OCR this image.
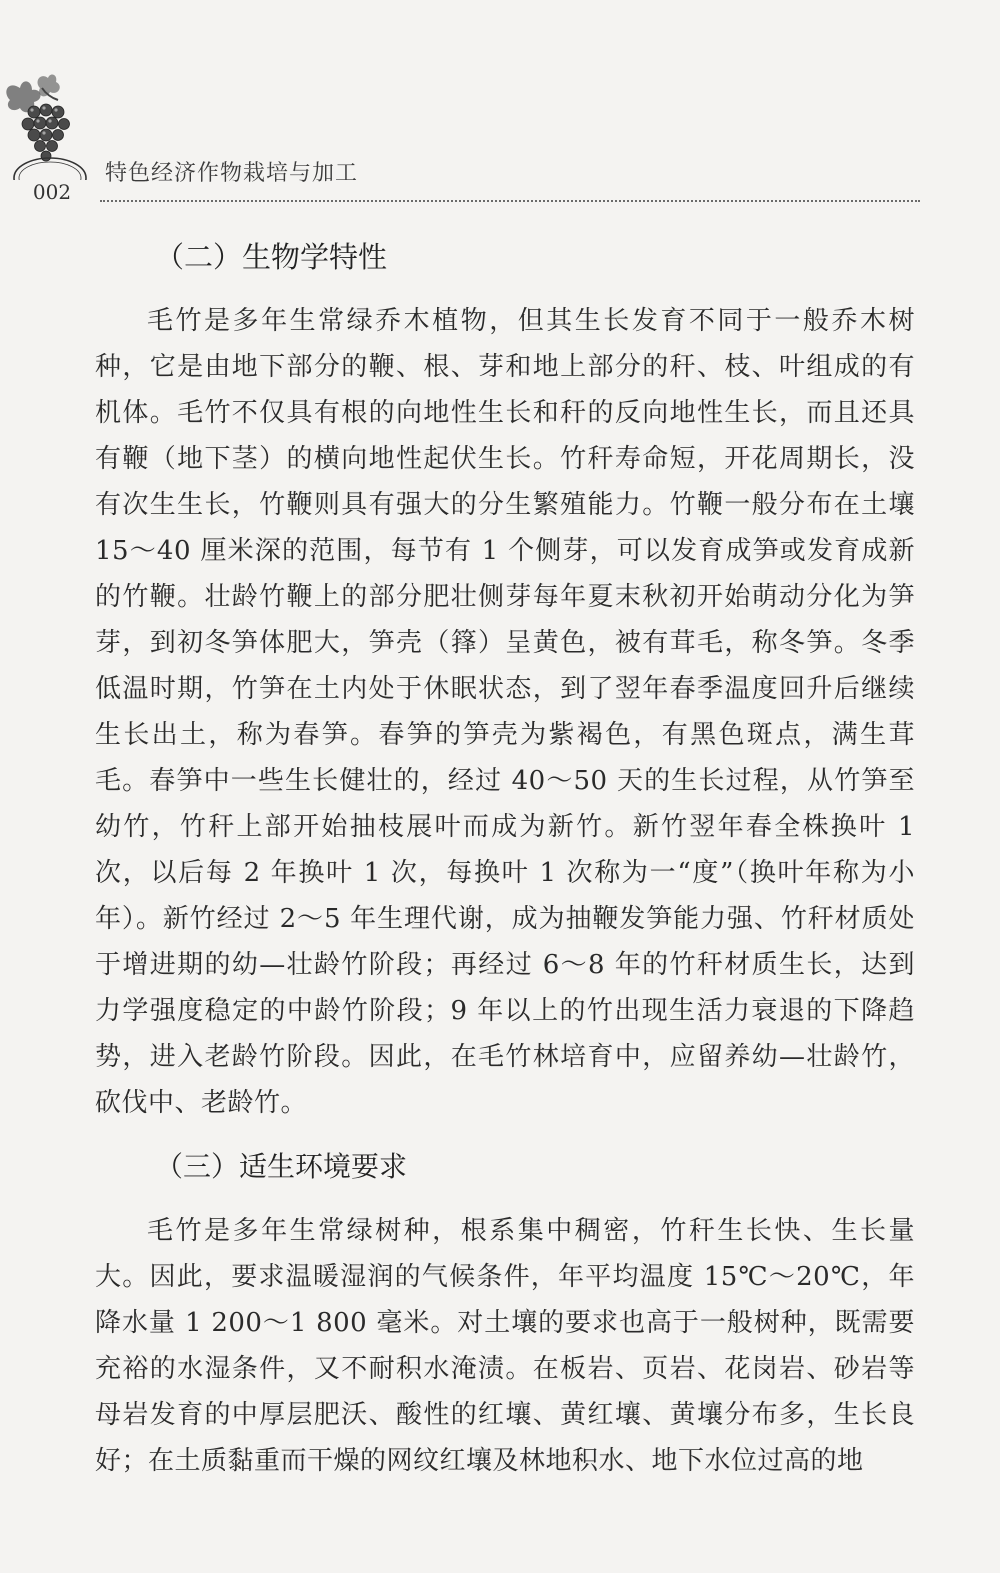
002
特色经济作物栽培与加工
（二）生物学特性

毛竹是多年生常绿乔木植物，但其生长发育不同于一般乔木树种，它是由地下部分的鞭、根、芽和地上部分的秆、枝、叶组成的有机体。毛竹不仅具有根的向地性生长和秆的反向地性生长，而且还具有鞭（地下茎）的横向地性起伏生长。竹秆寿命短，开花周期长，没有次生生长，竹鞭则具有强大的分生繁殖能力。竹鞭一般分布在土壤 15～40 厘米深的范围，每节有 1 个侧芽，可以发育成笋或发育成新的竹鞭。壮龄竹鞭上的部分肥壮侧芽每年夏末秋初开始萌动分化为笋芽，到初冬笋体肥大，笋壳（箨）呈黄色，被有茸毛，称冬笋。冬季低温时期，竹笋在土内处于休眠状态，到了翌年春季温度回升后继续生长出土，称为春笋。春笋的笋壳为紫褐色，有黑色斑点，满生茸毛。春笋中一些生长健壮的，经过 40～50 天的生长过程，从竹笋至幼竹，竹秆上部开始抽枝展叶而成为新竹。新竹翌年春全株换叶 1 次，以后每 2 年换叶 1 次，每换叶 1 次称为一“度”（换叶年称为小年）。新竹经过 2～5 年生理代谢，成为抽鞭发笋能力强、竹秆材质处于增进期的幼—壮龄竹阶段；再经过 6～8 年的竹秆材质生长，达到力学强度稳定的中龄竹阶段；9 年以上的竹出现生活力衰退的下降趋势，进入老龄竹阶段。因此，在毛竹林培育中，应留养幼—壮龄竹，砍伐中、老龄竹。

（三）适生环境要求

毛竹是多年生常绿树种，根系集中稠密，竹秆生长快、生长量大。因此，要求温暖湿润的气候条件，年平均温度 15℃～20℃，年降水量 1 200～1 800 毫米。对土壤的要求也高于一般树种，既需要充裕的水湿条件，又不耐积水淹渍。在板岩、页岩、花岗岩、砂岩等母岩发育的中厚层肥沃、酸性的红壤、黄红壤、黄壤分布多，生长良好；在土质黏重而干燥的网纹红壤及林地积水、地下水位过高的地
